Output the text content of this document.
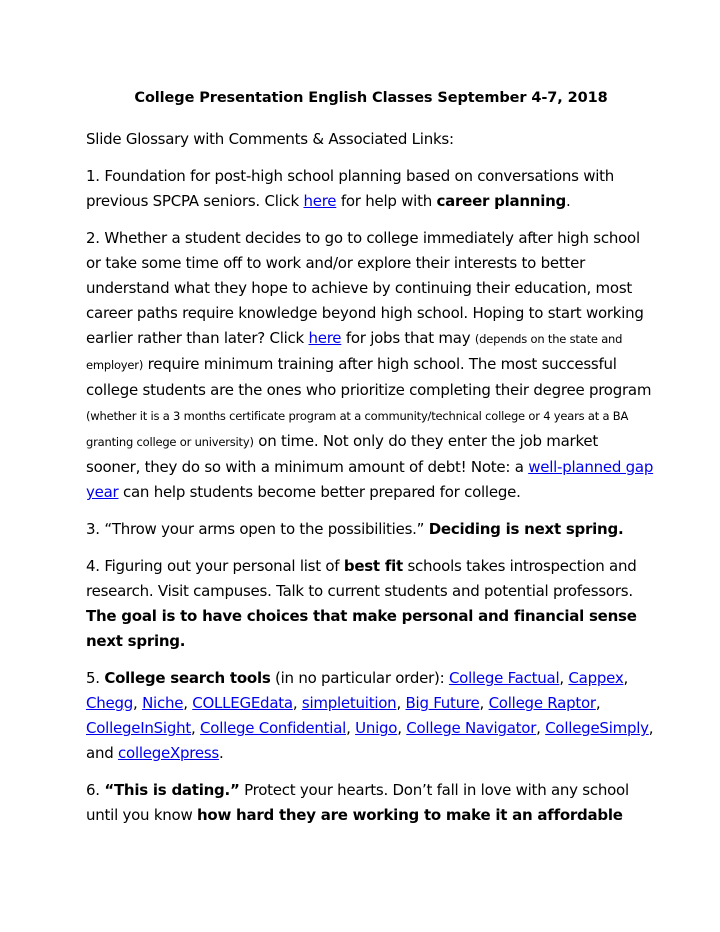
College Presentation English Classes September 4-7, 2018

Slide Glossary with Comments & Associated Links:

1. Foundation for post-high school planning based on conversations with previous SPCPA seniors. Click here for help with career planning.

2. Whether a student decides to go to college immediately after high school or take some time off to work and/or explore their interests to better understand what they hope to achieve by continuing their education, most career paths require knowledge beyond high school. Hoping to start working earlier rather than later? Click here for jobs that may (depends on the state and employer) require minimum training after high school. The most successful college students are the ones who prioritize completing their degree program (whether it is a 3 months certificate program at a community/technical college or 4 years at a BA granting college or university) on time. Not only do they enter the job market sooner, they do so with a minimum amount of debt! Note: a well-planned gap year can help students become better prepared for college.

3. “Throw your arms open to the possibilities.” Deciding is next spring.

4. Figuring out your personal list of best fit schools takes introspection and research. Visit campuses. Talk to current students and potential professors. The goal is to have choices that make personal and financial sense next spring.

5. College search tools (in no particular order): College Factual, Cappex, Chegg, Niche, COLLEGEdata, simpletuition, Big Future, College Raptor, CollegeInSight, College Confidential, Unigo, College Navigator, CollegeSimply, and collegeXpress.

6. “This is dating.” Protect your hearts. Don’t fall in love with any school until you know how hard they are working to make it an affordable
